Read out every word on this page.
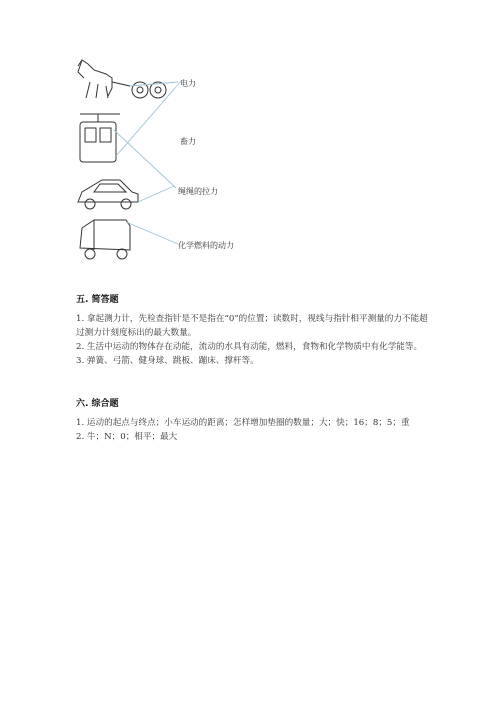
电力
畜力
绳绳的拉力
化学燃料的动力
五. 简答题

1. 拿起测力计，先检查指针是不是指在“0”的位置；读数时，视线与指针相平测量的力不能超过测力计刻度标出的最大数量。

2. 生活中运动的物体存在动能，流动的水具有动能，燃料，食物和化学物质中有化学能等。

3. 弹簧、弓箭、健身球、跳板、蹦床、撑杆等。

六. 综合题

1. 运动的起点与终点；小车运动的距离；怎样增加垫圈的数量；大；快；16；8；5；重

2. 牛；N；0；相平；最大
